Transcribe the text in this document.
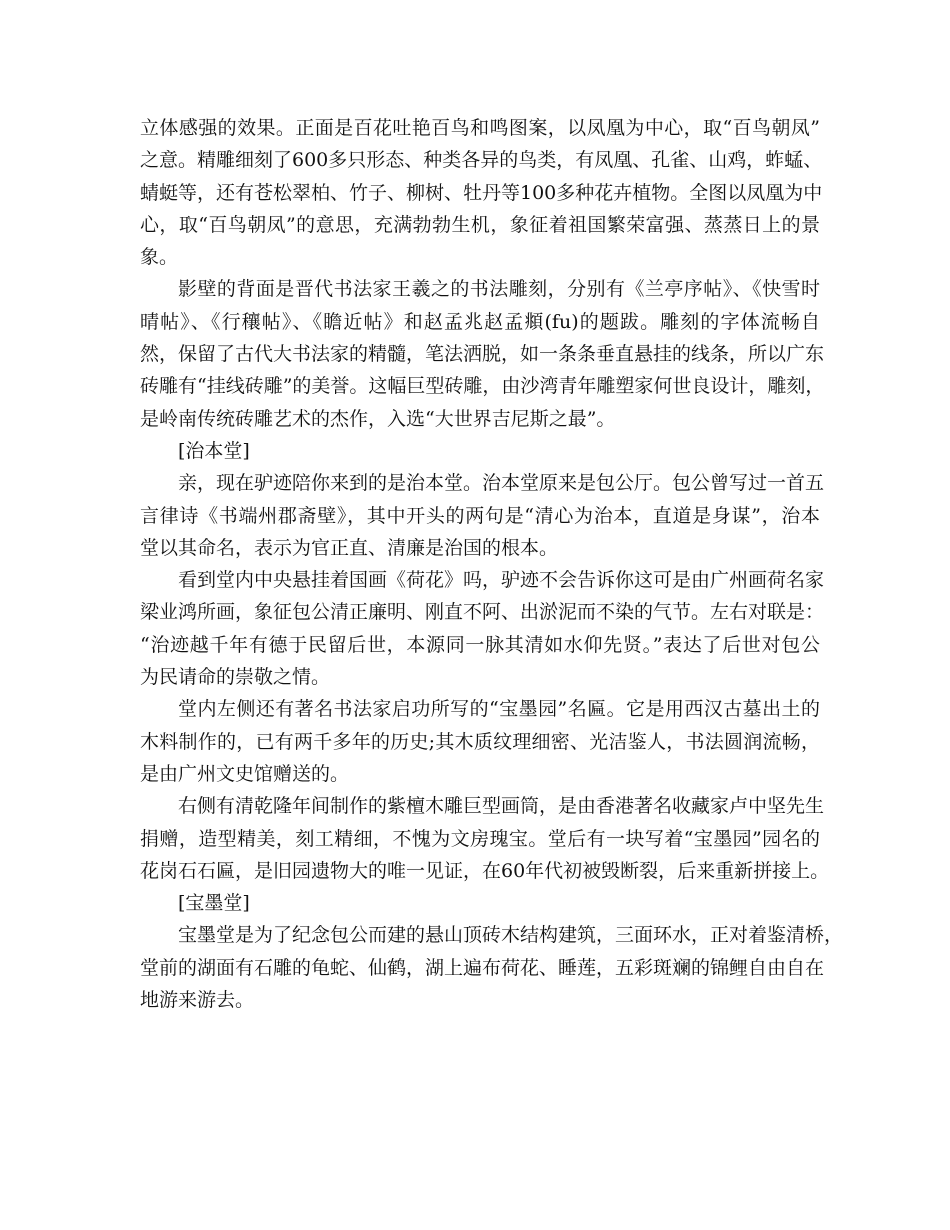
立体感强的效果。正面是百花吐艳百鸟和鸣图案，以凤凰为中心，取“百鸟朝凤”
之意。精雕细刻了600多只形态、种类各异的鸟类，有凤凰、孔雀、山鸡，蚱蜢、
蜻蜓等，还有苍松翠柏、竹子、柳树、牡丹等100多种花卉植物。全图以凤凰为中
心，取“百鸟朝凤”的意思，充满勃勃生机，象征着祖国繁荣富强、蒸蒸日上的景
象。
影壁的背面是晋代书法家王羲之的书法雕刻，分别有《兰亭序帖》、《快雪时
晴帖》、《行穰帖》、《瞻近帖》和赵孟兆赵孟頫(fu)的题跋。雕刻的字体流畅自
然，保留了古代大书法家的精髓，笔法洒脱，如一条条垂直悬挂的线条，所以广东
砖雕有“挂线砖雕”的美誉。这幅巨型砖雕，由沙湾青年雕塑家何世良设计，雕刻，
是岭南传统砖雕艺术的杰作，入选“大世界吉尼斯之最”。
[治本堂]
亲，现在驴迹陪你来到的是治本堂。治本堂原来是包公厅。包公曾写过一首五
言律诗《书端州郡斋壁》，其中开头的两句是“清心为治本，直道是身谋”，治本
堂以其命名，表示为官正直、清廉是治国的根本。
看到堂内中央悬挂着国画《荷花》吗，驴迹不会告诉你这可是由广州画荷名家
梁业鸿所画，象征包公清正廉明、刚直不阿、出淤泥而不染的气节。左右对联是：
“治迹越千年有德于民留后世，本源同一脉其清如水仰先贤。”表达了后世对包公
为民请命的崇敬之情。
堂内左侧还有著名书法家启功所写的“宝墨园”名匾。它是用西汉古墓出土的
木料制作的，已有两千多年的历史;其木质纹理细密、光洁鉴人，书法圆润流畅，
是由广州文史馆赠送的。
右侧有清乾隆年间制作的紫檀木雕巨型画筒，是由香港著名收藏家卢中坚先生
捐赠，造型精美，刻工精细，不愧为文房瑰宝。堂后有一块写着“宝墨园”园名的
花岗石石匾，是旧园遗物大的唯一见证，在60年代初被毁断裂，后来重新拼接上。
[宝墨堂]
宝墨堂是为了纪念包公而建的悬山顶砖木结构建筑，三面环水，正对着鉴清桥，
堂前的湖面有石雕的龟蛇、仙鹤，湖上遍布荷花、睡莲，五彩斑斓的锦鲤自由自在
地游来游去。
